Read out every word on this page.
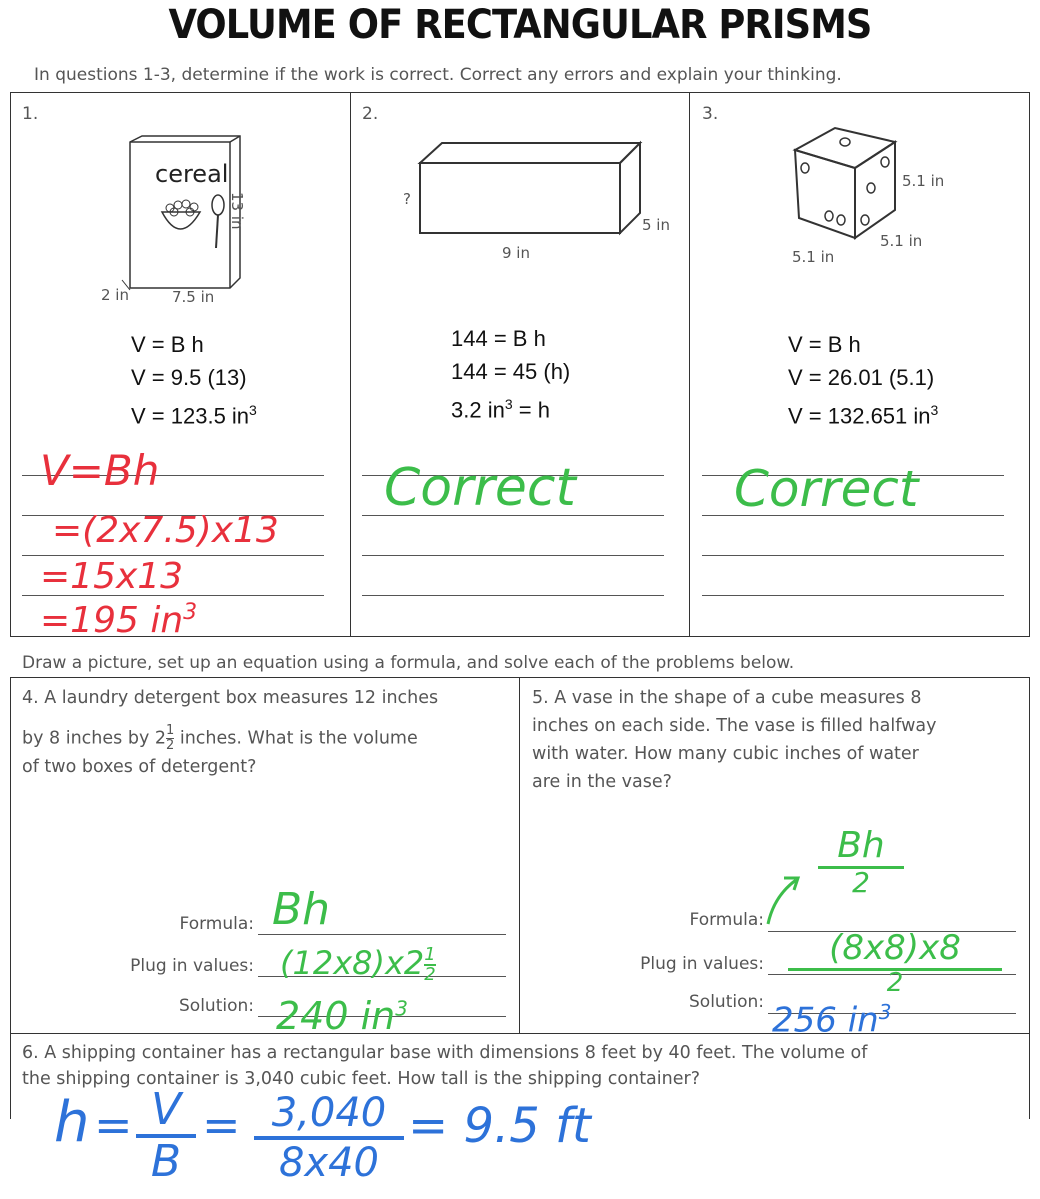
VOLUME OF RECTANGULAR PRISMS
In questions 1-3, determine if the work is correct. Correct any errors and explain your thinking.
1.
cereal
13 in
2 in	7.5 in
V = B h
V = 9.5 (13)
V = 123.5 $in^3$
V=Bh
=(2x7.5)x13
=15x13
=195 $in^3$
2.
?
9 in
5 in
144 = B h
144 = 45 (h)
3.2 $in^3 = h$
Correct
3.
5.1 in
5.1 in
5.1 in
V = B h
V = 26.01 (5.1)
V = 132.651 $in^3$
Correct
Draw a picture, set up an equation using a formula, and solve each of the problems below.
4. A laundry detergent box measures 12 inches
by 8 inches by $2 \frac{1}{2}$ inches. What is the volume
of two boxes of detergent?
Formula:
Plug in values:
Solution:
Bh
$(12x8)x2 \frac{1}{2}$
240 $in^3$
5. A vase in the shape of a cube measures 8
inches on each side. The vase is filled halfway
with water. How many cubic inches of water
are in the vase?
Formula:
Plug in values:
Solution:
Bh
2
(8x8)x8
2
256 $in^3$
6. A shipping container has a rectangular base with dimensions 8 feet by 40 feet. The volume of
the shipping container is 3,040 cubic feet. How tall is the shipping container?
h = V
B
= 3,040
8x40
= 9.5 ft
